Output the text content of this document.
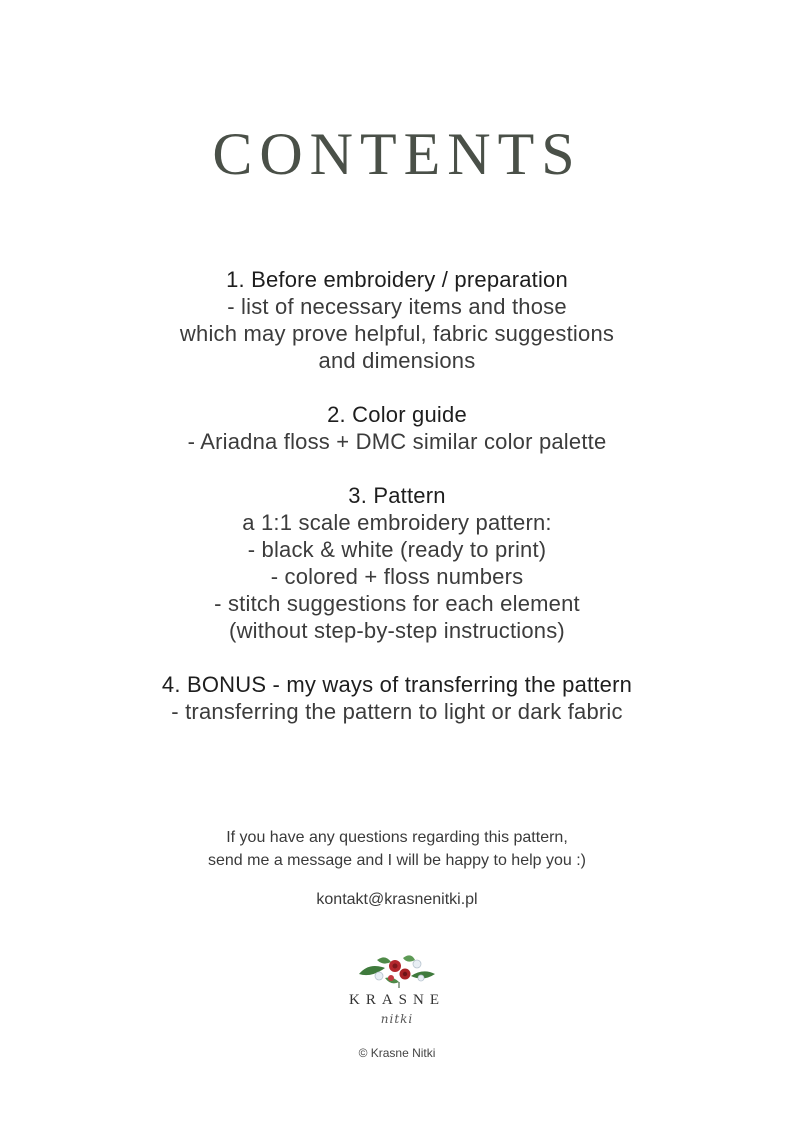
CONTENTS
1. Before embroidery / preparation
- list of necessary items and those
which may prove helpful, fabric suggestions
and dimensions
2. Color guide
- Ariadna floss + DMC similar color palette
3. Pattern
a 1:1 scale embroidery pattern:
- black & white (ready to print)
- colored + floss numbers
- stitch suggestions for each element
(without step-by-step instructions)
4. BONUS - my ways of transferring the pattern
- transferring the pattern to light or dark fabric
If you have any questions regarding this pattern,
send me a message and I will be happy to help you :)
kontakt@krasnenitki.pl
KRASNE
nitki
© Krasne Nitki
